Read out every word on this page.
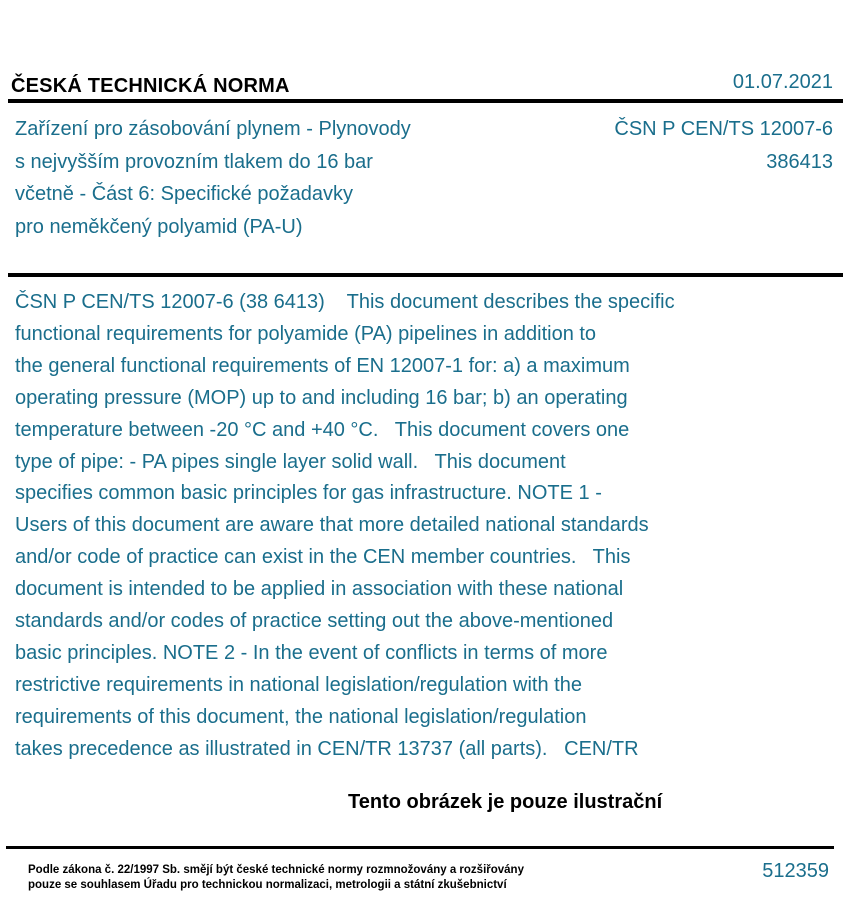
ČESKÁ TECHNICKÁ NORMA	01.07.2021
Zařízení pro zásobování plynem - Plynovody
s nejvyšším provozním tlakem do 16 bar
včetně - Část 6: Specifické požadavky
pro neměkčený polyamid (PA-U)
ČSN P CEN/TS 12007-6
386413
ČSN P CEN/TS 12007-6 (38 6413)    This document describes the specific
functional requirements for polyamide (PA) pipelines in addition to
the general functional requirements of EN 12007-1 for: a) a maximum
operating pressure (MOP) up to and including 16 bar; b) an operating
temperature between -20 °C and +40 °C.   This document covers one
type of pipe: - PA pipes single layer solid wall.   This document
specifies common basic principles for gas infrastructure. NOTE 1 -
Users of this document are aware that more detailed national standards
and/or code of practice can exist in the CEN member countries.   This
document is intended to be applied in association with these national
standards and/or codes of practice setting out the above-mentioned
basic principles. NOTE 2 - In the event of conflicts in terms of more
restrictive requirements in national legislation/regulation with the
requirements of this document, the national legislation/regulation
takes precedence as illustrated in CEN/TR 13737 (all parts).   CEN/TR
Tento obrázek je pouze ilustrační
Podle zákona č. 22/1997 Sb. smějí být české technické normy rozmnožovány a rozšiřovány
pouze se souhlasem Úřadu pro technickou normalizaci, metrologii a státní zkušebnictví
512359
